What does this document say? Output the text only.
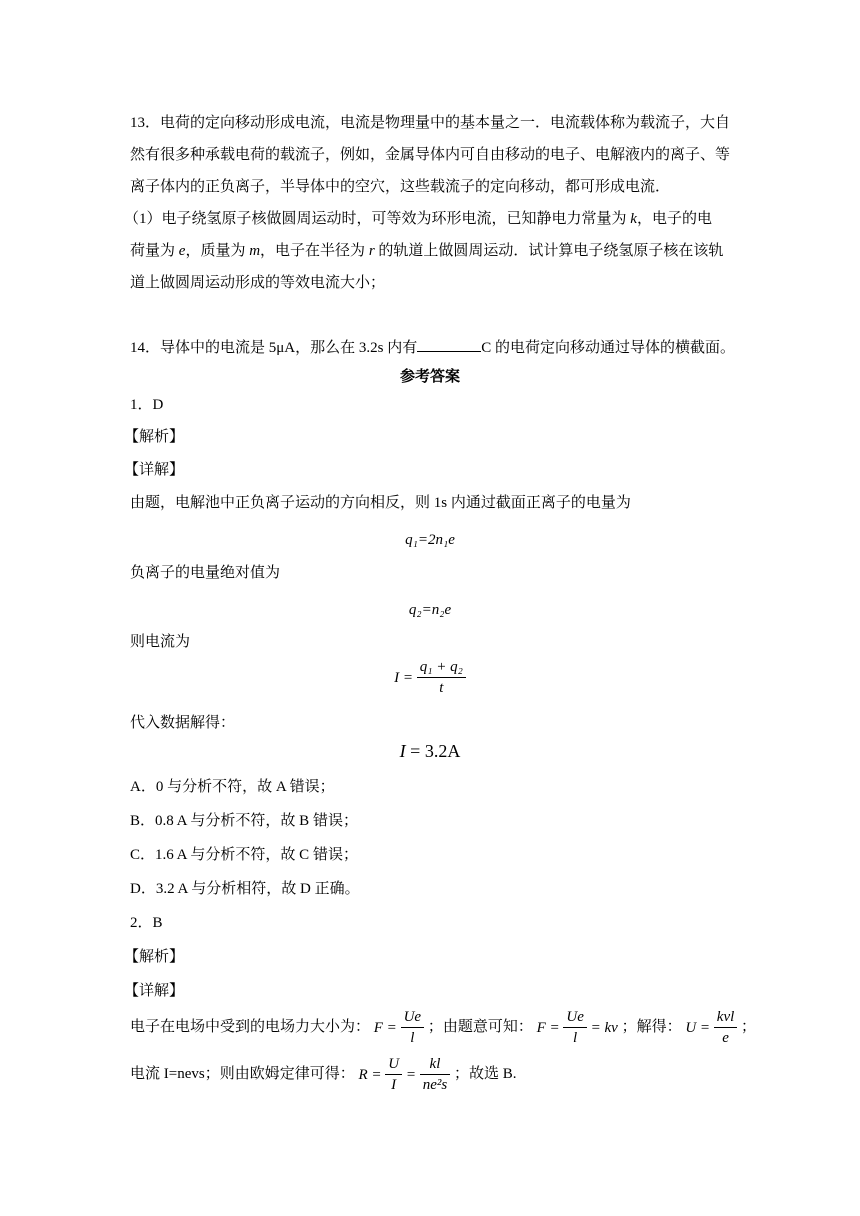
13．电荷的定向移动形成电流，电流是物理量中的基本量之一．电流载体称为载流子，大自
然有很多种承载电荷的载流子，例如，金属导体内可自由移动的电子、电解液内的离子、等
离子体内的正负离子，半导体中的空穴，这些载流子的定向移动，都可形成电流．
（1）电子绕氢原子核做圆周运动时，可等效为环形电流，已知静电力常量为 k，电子的电
荷量为 e，质量为 m，电子在半径为 r 的轨道上做圆周运动．试计算电子绕氢原子核在该轨
道上做圆周运动形成的等效电流大小；
14．导体中的电流是 5μA，那么在 3.2s 内有	C 的电荷定向移动通过导体的横截面。
参考答案
1．D
【解析】
【详解】
由题，电解池中正负离子运动的方向相反，则 1s 内通过截面正离子的电量为
q₁=2n₁e
负离子的电量绝对值为
q₂=n₂e
则电流为
$I = \frac{\text{q₁ + q₂}}{t}$
代入数据解得：
I = 3.2A
A．0 与分析不符，故 A 错误；
B．0.8 A 与分析不符，故 B 错误；
C．1.6 A 与分析不符，故 C 错误；
D．3.2 A 与分析相符，故 D 正确。
2．B
【解析】
【详解】
电子在电场中受到的电场力大小为： $F = \frac{Ue}{l}$ ；由题意可知： $F = \frac{Ue}{l}$ = kv ；解得： $U = \frac{\text{kvl}}{e}$ ；
电流 I=nevs；则由欧姆定律可得： $R = \frac{U}{I} = \frac{kl}{\text{ne²s}}$ ；故选 B.
